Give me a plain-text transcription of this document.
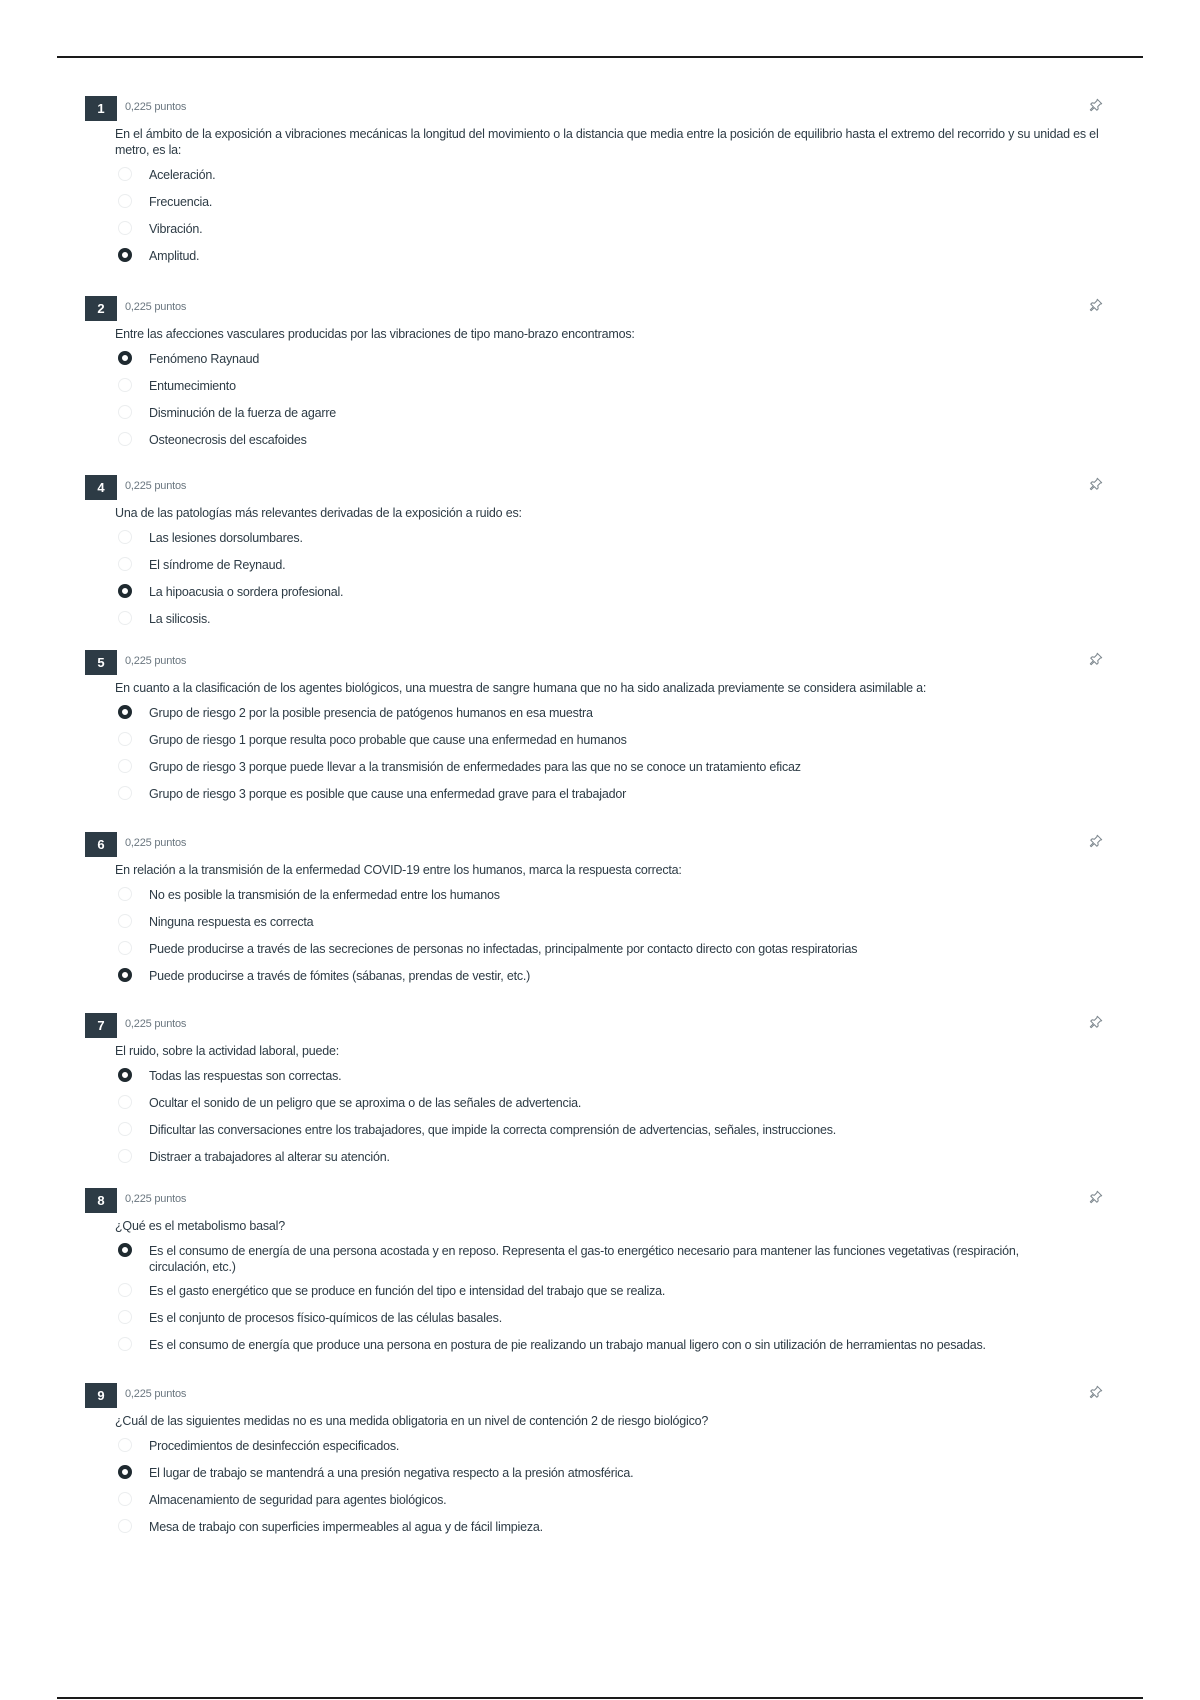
1	0,225 puntos
En el ámbito de la exposición a vibraciones mecánicas la longitud del movimiento o la distancia que media entre la posición de equilibrio hasta el extremo del recorrido y su unidad es el metro, es la:
Aceleración.
Frecuencia.
Vibración.
Amplitud.
2	0,225 puntos
Entre las afecciones vasculares producidas por las vibraciones de tipo mano-brazo encontramos:
Fenómeno Raynaud
Entumecimiento
Disminución de la fuerza de agarre
Osteonecrosis del escafoides
4	0,225 puntos
Una de las patologías más relevantes derivadas de la exposición a ruido es:
Las lesiones dorsolumbares.
El síndrome de Reynaud.
La hipoacusia o sordera profesional.
La silicosis.
5	0,225 puntos
En cuanto a la clasificación de los agentes biológicos, una muestra de sangre humana que no ha sido analizada previamente se considera asimilable a:
Grupo de riesgo 2 por la posible presencia de patógenos humanos en esa muestra
Grupo de riesgo 1 porque resulta poco probable que cause una enfermedad en humanos
Grupo de riesgo 3 porque puede llevar a la transmisión de enfermedades para las que no se conoce un tratamiento eficaz
Grupo de riesgo 3 porque es posible que cause una enfermedad grave para el trabajador
6	0,225 puntos
En relación a la transmisión de la enfermedad COVID-19 entre los humanos, marca la respuesta correcta:
No es posible la transmisión de la enfermedad entre los humanos
Ninguna respuesta es correcta
Puede producirse a través de las secreciones de personas no infectadas, principalmente por contacto directo con gotas respiratorias
Puede producirse a través de fómites (sábanas, prendas de vestir, etc.)
7	0,225 puntos
El ruido, sobre la actividad laboral, puede:
Todas las respuestas son correctas.
Ocultar el sonido de un peligro que se aproxima o de las señales de advertencia.
Dificultar las conversaciones entre los trabajadores, que impide la correcta comprensión de advertencias, señales, instrucciones.
Distraer a trabajadores al alterar su atención.
8	0,225 puntos
¿Qué es el metabolismo basal?
Es el consumo de energía de una persona acostada y en reposo. Representa el gas-to energético necesario para mantener las funciones vegetativas (respiración, circulación, etc.)
Es el gasto energético que se produce en función del tipo e intensidad del trabajo que se realiza.
Es el conjunto de procesos físico-químicos de las células basales.
Es el consumo de energía que produce una persona en postura de pie realizando un trabajo manual ligero con o sin utilización de herramientas no pesadas.
9	0,225 puntos
¿Cuál de las siguientes medidas no es una medida obligatoria en un nivel de contención 2 de riesgo biológico?
Procedimientos de desinfección especificados.
El lugar de trabajo se mantendrá a una presión negativa respecto a la presión atmosférica.
Almacenamiento de seguridad para agentes biológicos.
Mesa de trabajo con superficies impermeables al agua y de fácil limpieza.
